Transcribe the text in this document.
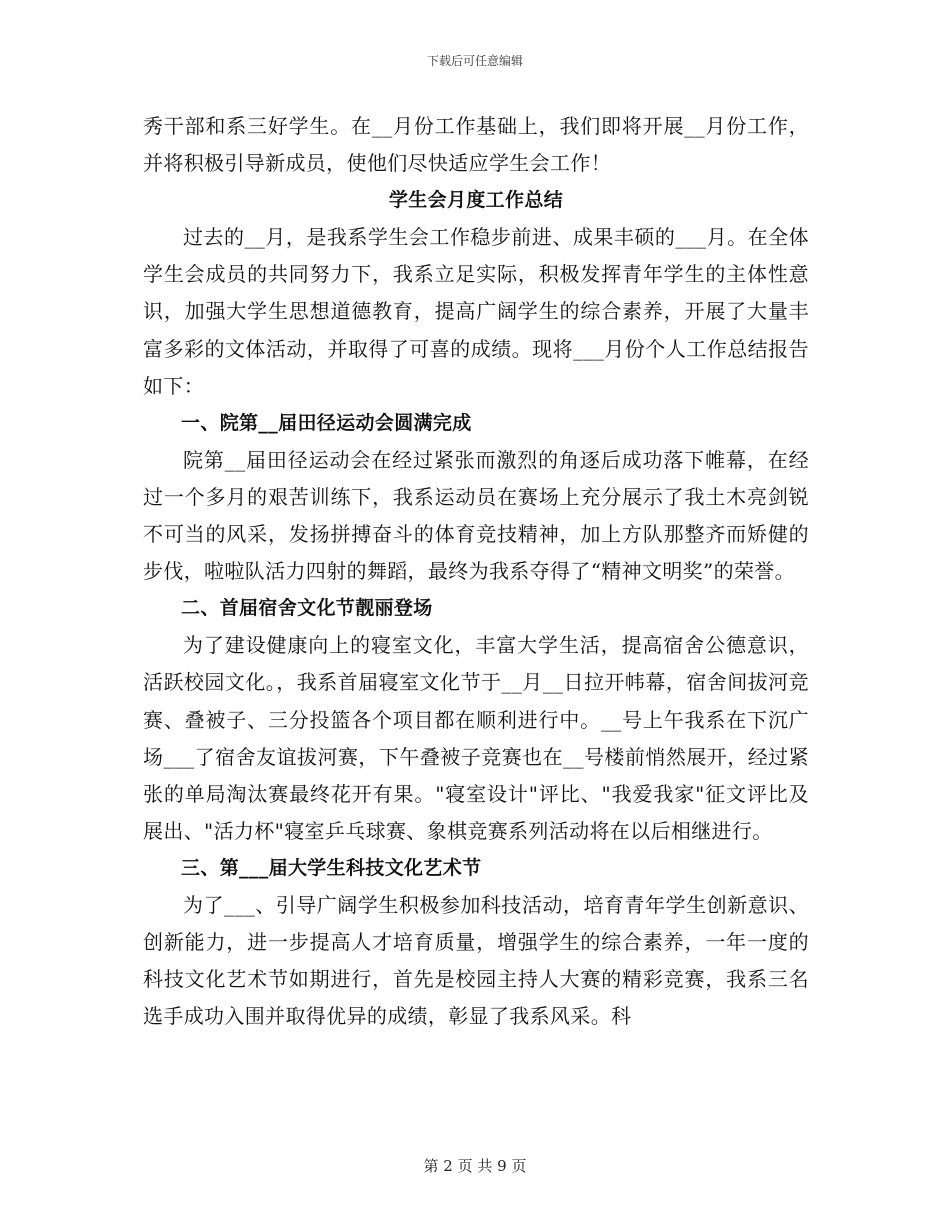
下载后可任意编辑

秀干部和系三好学生。在__月份工作基础上，我们即将开展__月份工作，并将积极引导新成员，使他们尽快适应学生会工作！

学生会月度工作总结

过去的__月，是我系学生会工作稳步前进、成果丰硕的___月。在全体学生会成员的共同努力下，我系立足实际，积极发挥青年学生的主体性意识，加强大学生思想道德教育，提高广阔学生的综合素养，开展了大量丰富多彩的文体活动，并取得了可喜的成绩。现将___月份个人工作总结报告如下：

一、院第__届田径运动会圆满完成

院第__届田径运动会在经过紧张而激烈的角逐后成功落下帷幕，在经过一个多月的艰苦训练下，我系运动员在赛场上充分展示了我土木亮剑锐不可当的风采，发扬拼搏奋斗的体育竞技精神，加上方队那整齐而矫健的步伐，啦啦队活力四射的舞蹈，最终为我系夺得了“精神文明奖”的荣誉。

二、首届宿舍文化节靓丽登场

为了建设健康向上的寝室文化，丰富大学生活，提高宿舍公德意识，活跃校园文化。，我系首届寝室文化节于__月__日拉开帏幕，宿舍间拔河竞赛、叠被子、三分投篮各个项目都在顺利进行中。__号上午我系在下沉广场___了宿舍友谊拔河赛，下午叠被子竞赛也在__号楼前悄然展开，经过紧张的单局淘汰赛最终花开有果。"寝室设计"评比、"我爱我家"征文评比及展出、"活力杯"寝室乒乓球赛、象棋竞赛系列活动将在以后相继进行。

三、第___届大学生科技文化艺术节

为了___、引导广阔学生积极参加科技活动，培育青年学生创新意识、创新能力，进一步提高人才培育质量，增强学生的综合素养，一年一度的科技文化艺术节如期进行，首先是校园主持人大赛的精彩竞赛，我系三名选手成功入围并取得优异的成绩，彰显了我系风采。科

第 2 页 共 9 页
